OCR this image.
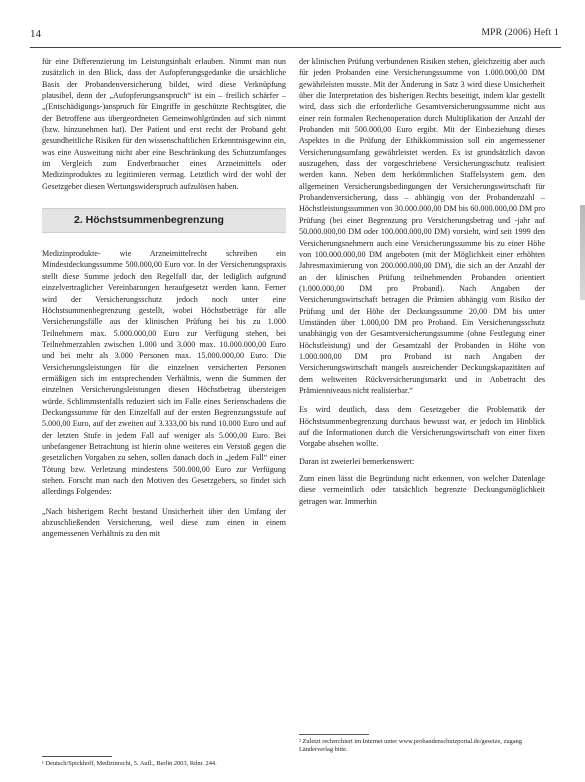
14	MPR (2006) Heft 1

für eine Differenzierung im Leistungsinhalt erlauben. Nimmt man nun zusätzlich in den Blick, dass der Aufopferungsgedanke die ursächliche Basis der Probandenversicherung bildet, wird diese Verknüpfung plausibel, denn der „Aufopferungsanspruch“ ist ein – freilich schärfer – „(Entschädigungs-)anspruch für Eingriffe in geschützte Rechtsgüter, die der Betroffene aus übergeordneten Gemeinwohlgründen auf sich nimmt (bzw. hinzunehmen hat). Der Patient und erst recht der Proband geht gesundheitliche Risiken für den wissenschaftlichen Erkenntnisgewinn ein, was eine Ausweitung nicht aber eine Beschränkung des Schutzumfanges im Vergleich zum Endverbraucher eines Arzneimittels oder Medizinproduktes zu legitimieren vermag. Letztlich wird der wohl der Gesetzgeber diesen Wertungswiderspruch aufzulösen haben.

2. Höchstsummenbegrenzung

Medizinprodukte- wie Arzneimittelrecht schreiben ein Mindestdeckungssumme 500.000,00 Euro vor. In der Versicherungspraxis stellt diese Summe jedoch den Regelfall dar, der lediglich aufgrund einzelvertraglicher Vereinbarungen heraufgesetzt werden kann. Ferner wird der Versicherungsschutz jedoch noch unter eine Höchstsummenbegrenzung gestellt, wobei Höchstbeträge für alle Versicherungsfälle aus der klinischen Prüfung bei bis zu 1.000 Teilnehmern max. 5.000.000,00 Euro zur Verfügung stehen, bei Teilnehmerzahlen zwischen 1.000 und 3.000 max. 10.000.000,00 Euro und bei mehr als 3.000 Personen max. 15.000.000,00 Euro. Die Versicherungsleistungen für die einzelnen versicherten Personen ermäßigen sich im entsprechenden Verhältnis, wenn die Summen der einzelnen Versicherungsleistungen diesen Höchstbetrag übersteigen würde. Schlimmstenfalls reduziert sich im Falle eines Serienschadens die Deckungssumme für den Einzelfall auf der ersten Begrenzungsstufe auf 5.000,00 Euro, auf der zweiten auf 3.333,00 bis rund 10.000 Euro und auf der letzten Stufe in jedem Fall auf weniger als 5.000,00 Euro. Bei unbefangener Betrachtung ist hierin ohne weiteres ein Verstoß gegen die gesetzlichen Vorgaben zu sehen, sollen danach doch in „jedem Fall“ einer Tötung bzw. Verletzung mindestens 500.000,00 Euro zur Verfügung stehen. Forscht man nach den Motiven des Gesetzgebers, so findet sich allerdings Folgendes:

„Nach bisherigem Recht bestand Unsicherheit über den Umfang der abzuschließenden Versicherung, weil diese zum einen in einem angemessenen Verhältnis zu den mit

der klinischen Prüfung verbundenen Risiken stehen, gleichzeitig aber auch für jeden Probanden eine Versicherungssumme von 1.000.000,00 DM gewährleisten musste. Mit der Änderung in Satz 3 wird diese Unsicherheit über die Interpretation des bisherigen Rechts beseitigt, indem klar gestellt wird, dass sich die erforderliche Gesamtversicherungssumme nicht aus einer rein formalen Rechenoperation durch Multiplikation der Anzahl der Probanden mit 500.000,00 Euro ergibt. Mit der Einbeziehung dieses Aspektes in die Prüfung der Ethikkommission soll ein angemessener Versicherungsumfang gewährleistet werden. Es ist grundsätzlich davon auszugehen, dass der vorgeschriebene Versicherungsschutz realisiert werden kann. Neben dem herkömmlichen Staffelsystem gem. den allgemeinen Versicherungsbedingungen der Versicherungswirtschaft für Probandenversicherung, dass – abhängig von der Probandenzahl – Höchstleistungssummen von 30.000.000,00 DM bis 60.000.000,00 DM pro Prüfung (bei einer Begrenzung pro Versicherungsbetrag und -jahr auf 50.000.000,00 DM oder 100.000.000,00 DM) vorsieht, wird seit 1999 den Versicherungsnehmern auch eine Versicherungssumme bis zu einer Höhe von 100.000.000,00 DM angeboten (mit der Möglichkeit einer erhöhten Jahresmaximierung von 200.000.000,00 DM), die sich an der Anzahl der an der klinischen Prüfung teilnehmenden Probanden orientiert (1.000.000,00 DM pro Proband). Nach Angaben der Versicherungswirtschaft betragen die Prämien abhängig vom Risiko der Prüfung und der Höhe der Deckungssumme 20,00 DM bis unter Umständen über 1.000,00 DM pro Proband. Ein Versicherungsschutz unabhängig von der Gesamtversicherungssumme (ohne Festlegung einer Höchstleistung) und der Gesamtzahl der Probanden in Höhe von 1.000.000,00 DM pro Proband ist nach Angaben der Versicherungswirtschaft mangels ausreichender Deckungskapazitäten auf dem weltweiten Rückversicherungsmarkt und in Anbetracht des Prämienniveaus nicht realisierbar.“

Es wird deutlich, dass dem Gesetzgeber die Problematik der Höchstsummenbegrenzung durchaus bewusst war, er jedoch im Hinblick auf die Informationen durch die Versicherungswirtschaft von einer fixen Vorgabe absehen wollte.

Daran ist zweierlei bemerkenswert:

Zum einen lässt die Begründung nicht erkennen, von welcher Datenlage diese vermeintlich oder tatsächlich begrenzte Deckungsmöglichkeit getragen war. Immerhin

¹ Deutsch/Spickhoff, Medizinrecht, 5. Aufl., Berlin 2003, Rdnr. 244.
² Zuletzt recherchiert im Internet unter www.probandenschutzportal.de/gesetze, zugang Länderverlag bitte.
